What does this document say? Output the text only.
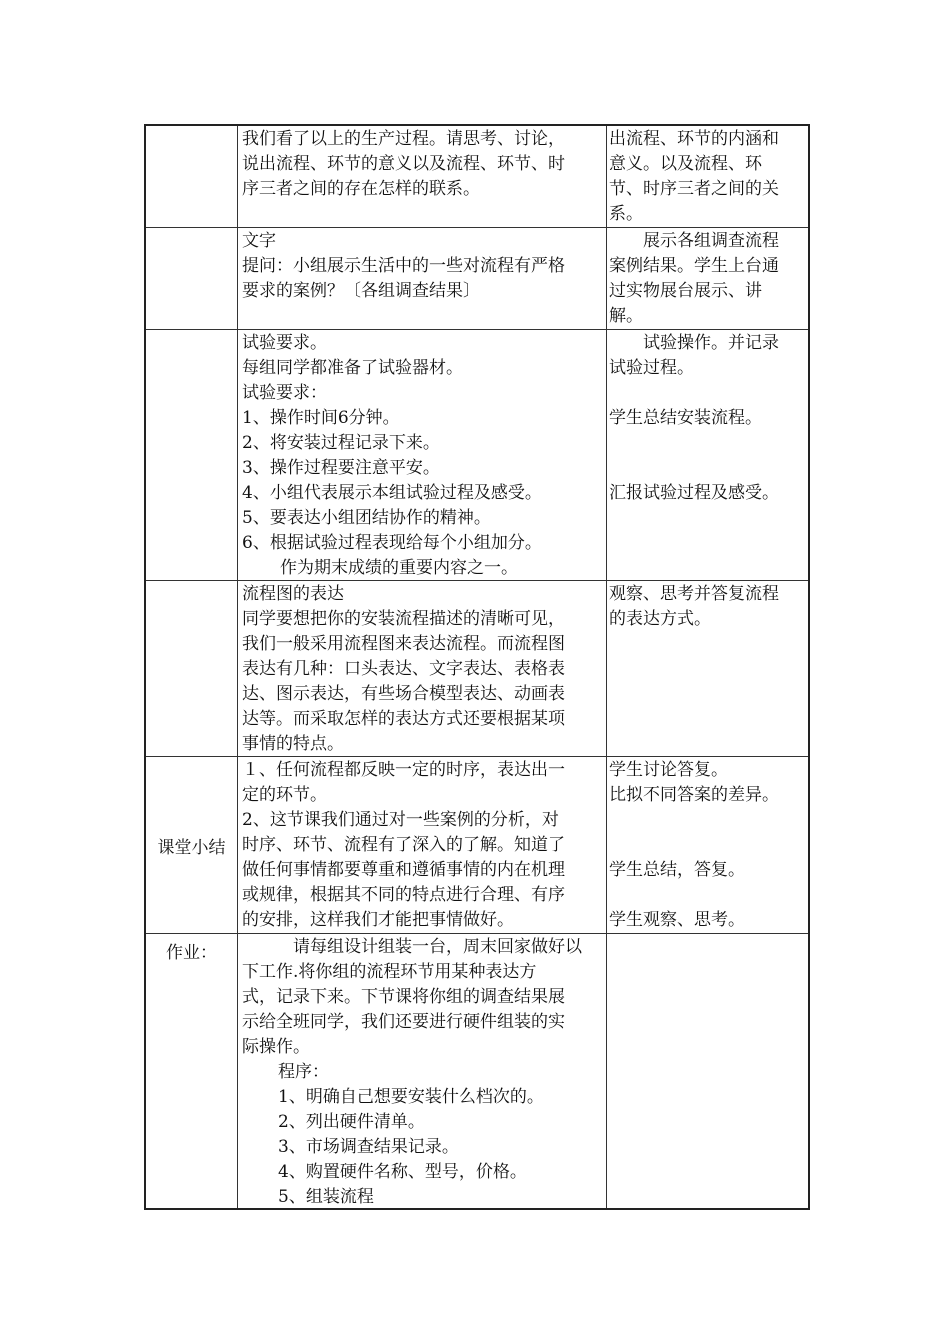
我们看了以上的生产过程。请思考、讨论，
说出流程、环节的意义以及流程、环节、时
序三者之间的存在怎样的联系。
出流程、环节的内涵和
意义。以及流程、环
节、时序三者之间的关
系。
文字
提问：小组展示生活中的一些对流程有严格
要求的案例？〔各组调查结果〕
　　展示各组调查流程
案例结果。学生上台通
过实物展台展示、讲
解。
试验要求。
每组同学都准备了试验器材。
试验要求：
1、操作时间6分钟。
2、将安装过程记录下来。
3、操作过程要注意平安。
4、小组代表展示本组试验过程及感受。
5、要表达小组团结协作的精神。
6、根据试验过程表现给每个小组加分。
作为期末成绩的重要内容之一。
　　试验操作。并记录
试验过程。
学生总结安装流程。
汇报试验过程及感受。
流程图的表达
同学要想把你的安装流程描述的清晰可见，
我们一般采用流程图来表达流程。而流程图
表达有几种：口头表达、文字表达、表格表
达、图示表达，有些场合模型表达、动画表
达等。而采取怎样的表达方式还要根据某项
事情的特点。
观察、思考并答复流程
的表达方式。
课堂小结
１、任何流程都反映一定的时序，表达出一
定的环节。
2、这节课我们通过对一些案例的分析，对
时序、环节、流程有了深入的了解。知道了
做任何事情都要尊重和遵循事情的内在机理
或规律，根据其不同的特点进行合理、有序
的安排，这样我们才能把事情做好。
学生讨论答复。
比拟不同答案的差异。
学生总结，答复。
学生观察、思考。
作业：	　　　请每组设计组装一台，周末回家做好以
下工作.将你组的流程环节用某种表达方
式，记录下来。下节课将你组的调查结果展
示给全班同学，我们还要进行硬件组装的实
际操作。
程序：
1、明确自己想要安装什么档次的。
2、列出硬件清单。
3、市场调查结果记录。
4、购置硬件名称、型号，价格。
5、组装流程
